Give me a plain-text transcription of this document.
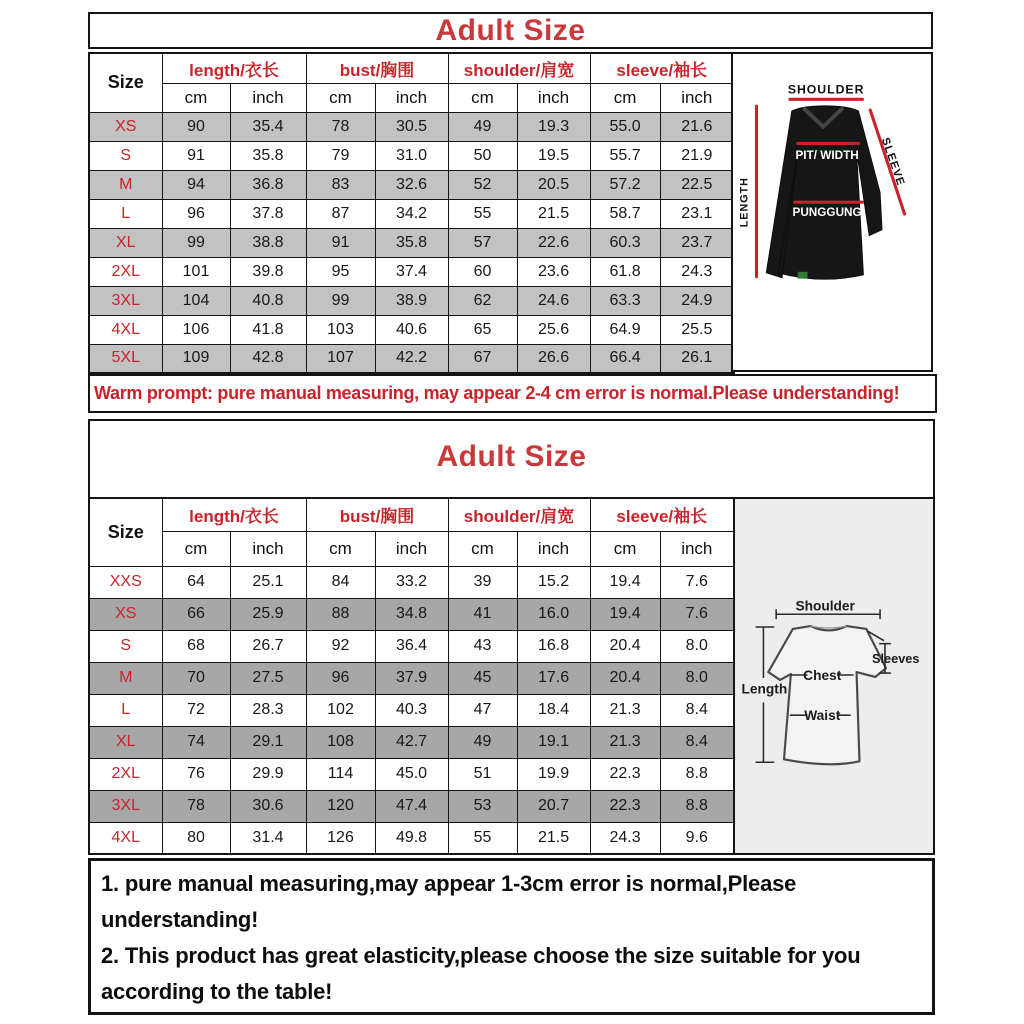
Adult Size
Size	length/衣长		bust/胸围		shoulder/肩宽		sleeve/袖长	
	cm	inch	cm	inch	cm	inch	cm	inch
XS	90	35.4	78	30.5	49	19.3	55.0	21.6
S	91	35.8	79	31.0	50	19.5	55.7	21.9
M	94	36.8	83	32.6	52	20.5	57.2	22.5
L	96	37.8	87	34.2	55	21.5	58.7	23.1
XL	99	38.8	91	35.8	57	22.6	60.3	23.7
2XL	101	39.8	95	37.4	60	23.6	61.8	24.3
3XL	104	40.8	99	38.9	62	24.6	63.3	24.9
4XL	106	41.8	103	40.6	65	25.6	64.9	25.5
5XL	109	42.8	107	42.2	67	26.6	66.4	26.1
SHOULDER
LENGTH
SLEEVE
PIT/ WIDTH
PUNGGUNG
Warm prompt: pure manual measuring, may appear 2-4 cm error is normal.Please understanding!
Adult Size
Size	length/衣长		bust/胸围		shoulder/肩宽		sleeve/袖长	
	cm	inch	cm	inch	cm	inch	cm	inch
XXS	64	25.1	84	33.2	39	15.2	19.4	7.6
XS	66	25.9	88	34.8	41	16.0	19.4	7.6
S	68	26.7	92	36.4	43	16.8	20.4	8.0
M	70	27.5	96	37.9	45	17.6	20.4	8.0
L	72	28.3	102	40.3	47	18.4	21.3	8.4
XL	74	29.1	108	42.7	49	19.1	21.3	8.4
2XL	76	29.9	114	45.0	51	19.9	22.3	8.8
3XL	78	30.6	120	47.4	53	20.7	22.3	8.8
4XL	80	31.4	126	49.8	55	21.5	24.3	9.6
Shoulder
Sleeves
Chest
Length
Waist

1. pure manual measuring,may appear 1-3cm error is normal,Please understanding!

2. This product has great elasticity,please choose the size suitable for you according to the table!
